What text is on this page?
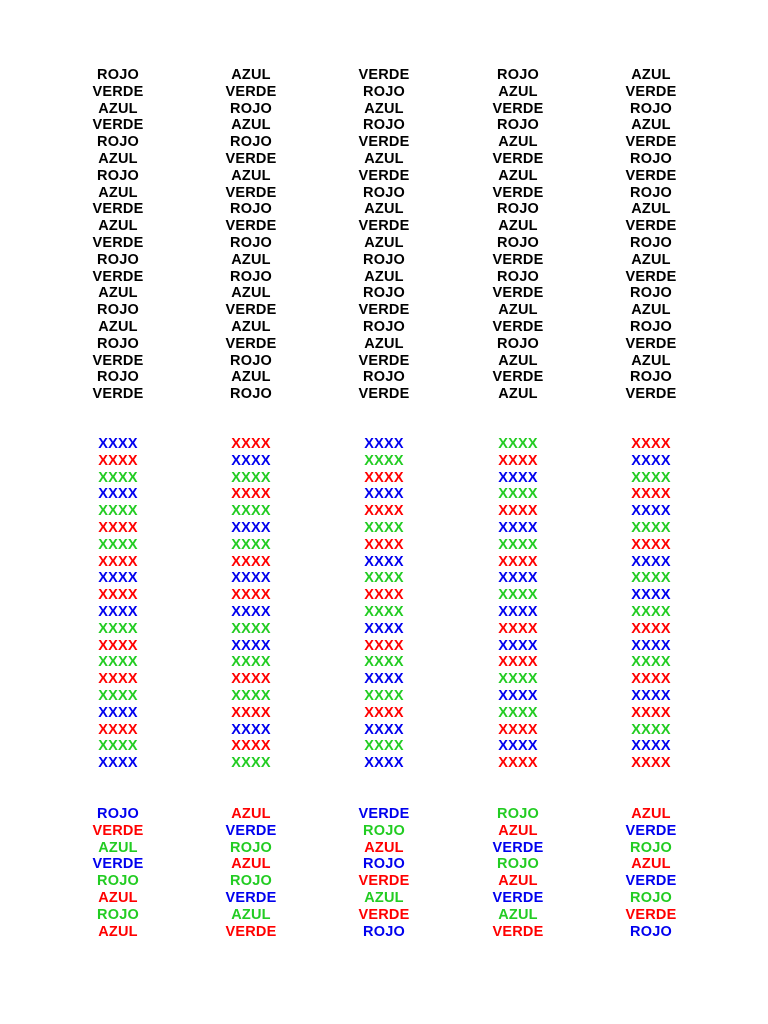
ROJO
VERDE
AZUL
VERDE
ROJO
AZUL
ROJO
AZUL
VERDE
AZUL
VERDE
ROJO
VERDE
AZUL
ROJO
AZUL
ROJO
VERDE
ROJO
VERDE
AZUL
VERDE
ROJO
AZUL
ROJO
VERDE
AZUL
VERDE
ROJO
VERDE
ROJO
AZUL
ROJO
AZUL
VERDE
AZUL
VERDE
ROJO
AZUL
ROJO
VERDE
ROJO
AZUL
ROJO
VERDE
AZUL
VERDE
ROJO
AZUL
VERDE
AZUL
ROJO
AZUL
ROJO
VERDE
ROJO
AZUL
VERDE
ROJO
VERDE
ROJO
AZUL
VERDE
ROJO
AZUL
VERDE
AZUL
VERDE
ROJO
AZUL
ROJO
VERDE
ROJO
VERDE
AZUL
VERDE
ROJO
AZUL
VERDE
AZUL
AZUL
VERDE
ROJO
AZUL
VERDE
ROJO
VERDE
ROJO
AZUL
VERDE
ROJO
AZUL
VERDE
ROJO
AZUL
ROJO
VERDE
AZUL
ROJO
VERDE
XXXX
XXXX
XXXX
XXXX
XXXX
XXXX
XXXX
XXXX
XXXX
XXXX
XXXX
XXXX
XXXX
XXXX
XXXX
XXXX
XXXX
XXXX
XXXX
XXXX
XXXX
XXXX
XXXX
XXXX
XXXX
XXXX
XXXX
XXXX
XXXX
XXXX
XXXX
XXXX
XXXX
XXXX
XXXX
XXXX
XXXX
XXXX
XXXX
XXXX
XXXX
XXXX
XXXX
XXXX
XXXX
XXXX
XXXX
XXXX
XXXX
XXXX
XXXX
XXXX
XXXX
XXXX
XXXX
XXXX
XXXX
XXXX
XXXX
XXXX
XXXX
XXXX
XXXX
XXXX
XXXX
XXXX
XXXX
XXXX
XXXX
XXXX
XXXX
XXXX
XXXX
XXXX
XXXX
XXXX
XXXX
XXXX
XXXX
XXXX
XXXX
XXXX
XXXX
XXXX
XXXX
XXXX
XXXX
XXXX
XXXX
XXXX
XXXX
XXXX
XXXX
XXXX
XXXX
XXXX
XXXX
XXXX
XXXX
XXXX
ROJO
VERDE
AZUL
VERDE
ROJO
AZUL
ROJO
AZUL
AZUL
VERDE
ROJO
AZUL
ROJO
VERDE
AZUL
VERDE
VERDE
ROJO
AZUL
ROJO
VERDE
AZUL
VERDE
ROJO
ROJO
AZUL
VERDE
ROJO
AZUL
VERDE
AZUL
VERDE
AZUL
VERDE
ROJO
AZUL
VERDE
ROJO
VERDE
ROJO
